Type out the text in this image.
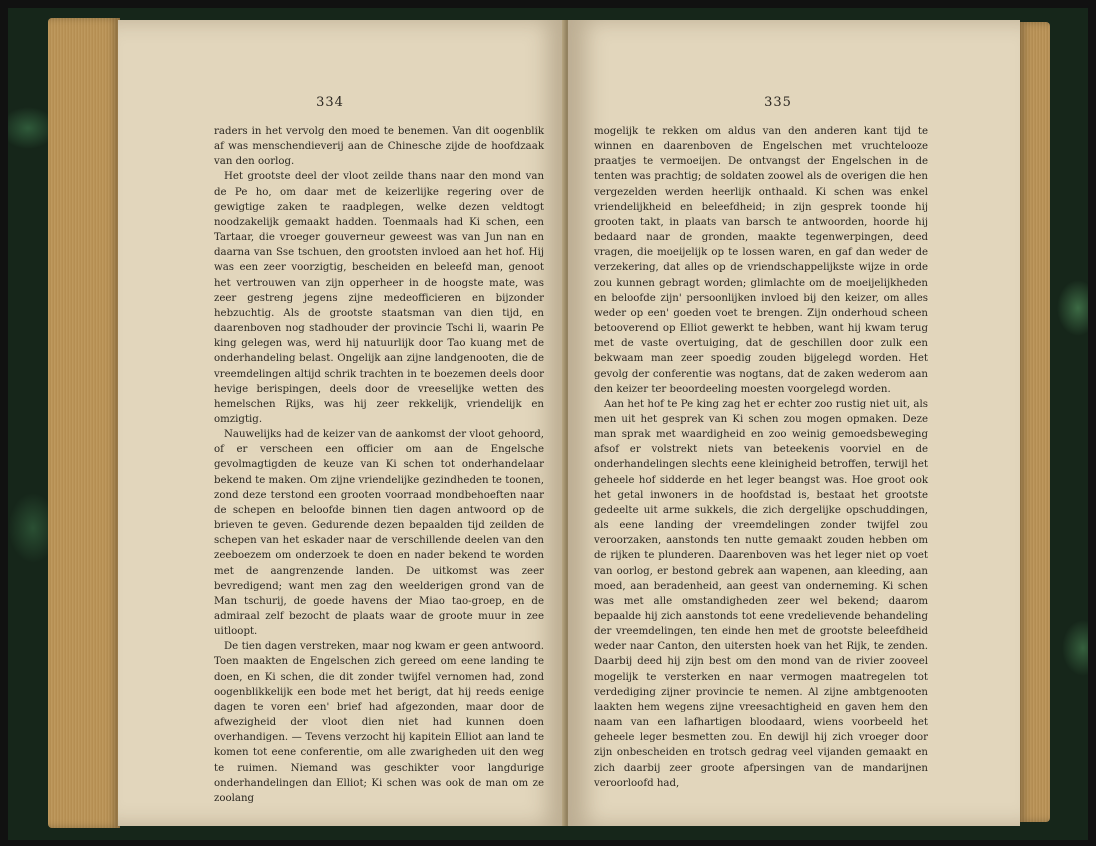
334

raders in het vervolg den moed te benemen. Van dit oogenblik af was menschendieverij aan de Chinesche zijde de hoofdzaak van den oorlog.

Het grootste deel der vloot zeilde thans naar den mond van de Pe ho, om daar met de keizerlijke regering over de gewigtige zaken te raadplegen, welke dezen veldtogt noodzakelijk gemaakt hadden. Toenmaals had Ki schen, een Tartaar, die vroeger gouverneur geweest was van Jun nan en daarna van Sse tschuen, den grootsten invloed aan het hof. Hij was een zeer voorzigtig, bescheiden en beleefd man, genoot het vertrouwen van zijn opperheer in de hoogste mate, was zeer gestreng jegens zijne medeofficieren en bijzonder hebzuchtig. Als de grootste staatsman van dien tijd, en daarenboven nog stadhouder der provincie Tschi li, waarin Pe king gelegen was, werd hij natuurlijk door Tao kuang met de onderhandeling belast. Ongelijk aan zijne landgenooten, die de vreemdelingen altijd schrik trachten in te boezemen deels door hevige berispingen, deels door de vreeselijke wetten des hemelschen Rijks, was hij zeer rekkelijk, vriendelijk en omzigtig.

Nauwelijks had de keizer van de aankomst der vloot gehoord, of er verscheen een officier om aan de Engelsche gevolmagtigden de keuze van Ki schen tot onderhandelaar bekend te maken. Om zijne vriendelijke gezindheden te toonen, zond deze terstond een grooten voorraad mondbehoeften naar de schepen en beloofde binnen tien dagen antwoord op de brieven te geven. Gedurende dezen bepaalden tijd zeilden de schepen van het eskader naar de verschillende deelen van den zeeboezem om onderzoek te doen en nader bekend te worden met de aangrenzende landen. De uitkomst was zeer bevredigend; want men zag den weelderigen grond van de Man tschurij, de goede havens der Miao tao-groep, en de admiraal zelf bezocht de plaats waar de groote muur in zee uitloopt.

De tien dagen verstreken, maar nog kwam er geen antwoord. Toen maakten de Engelschen zich gereed om eene landing te doen, en Ki schen, die dit zonder twijfel vernomen had, zond oogenblikkelijk een bode met het berigt, dat hij reeds eenige dagen te voren een' brief had afgezonden, maar door de afwezigheid der vloot dien niet had kunnen doen overhandigen. — Tevens verzocht hij kapitein Elliot aan land te komen tot eene conferentie, om alle zwarigheden uit den weg te ruimen. Niemand was geschikter voor langdurige onderhandelingen dan Elliot; Ki schen was ook de man om ze zoolang

335

mogelijk te rekken om aldus van den anderen kant tijd te winnen en daarenboven de Engelschen met vruchtelooze praatjes te vermoeijen. De ontvangst der Engelschen in de tenten was prachtig; de soldaten zoowel als de overigen die hen vergezelden werden heerlijk onthaald. Ki schen was enkel vriendelijkheid en beleefdheid; in zijn gesprek toonde hij grooten takt, in plaats van barsch te antwoorden, hoorde hij bedaard naar de gronden, maakte tegenwerpingen, deed vragen, die moeijelijk op te lossen waren, en gaf dan weder de verzekering, dat alles op de vriendschappelijkste wijze in orde zou kunnen gebragt worden; glimlachte om de moeijelijkheden en beloofde zijn' persoonlijken invloed bij den keizer, om alles weder op een' goeden voet te brengen. Zijn onderhoud scheen betooverend op Elliot gewerkt te hebben, want hij kwam terug met de vaste overtuiging, dat de geschillen door zulk een bekwaam man zeer spoedig zouden bijgelegd worden. Het gevolg der conferentie was nogtans, dat de zaken wederom aan den keizer ter beoordeeling moesten voorgelegd worden.

Aan het hof te Pe king zag het er echter zoo rustig niet uit, als men uit het gesprek van Ki schen zou mogen opmaken. Deze man sprak met waardigheid en zoo weinig gemoedsbeweging afsof er volstrekt niets van beteekenis voorviel en de onderhandelingen slechts eene kleinigheid betroffen, terwijl het geheele hof sidderde en het leger beangst was. Hoe groot ook het getal inwoners in de hoofdstad is, bestaat het grootste gedeelte uit arme sukkels, die zich dergelijke opschuddingen, als eene landing der vreemdelingen zonder twijfel zou veroorzaken, aanstonds ten nutte gemaakt zouden hebben om de rijken te plunderen. Daarenboven was het leger niet op voet van oorlog, er bestond gebrek aan wapenen, aan kleeding, aan moed, aan beradenheid, aan geest van onderneming. Ki schen was met alle omstandigheden zeer wel bekend; daarom bepaalde hij zich aanstonds tot eene vredelievende behandeling der vreemdelingen, ten einde hen met de grootste beleefdheid weder naar Canton, den uitersten hoek van het Rijk, te zenden. Daarbij deed hij zijn best om den mond van de rivier zooveel mogelijk te versterken en naar vermogen maatregelen tot verdediging zijner provincie te nemen. Al zijne ambtgenooten laakten hem wegens zijne vreesachtigheid en gaven hem den naam van een lafhartigen bloodaard, wiens voorbeeld het geheele leger besmetten zou. En dewijl hij zich vroeger door zijn onbescheiden en trotsch gedrag veel vijanden gemaakt en zich daarbij zeer groote afpersingen van de mandarijnen veroorloofd had,
